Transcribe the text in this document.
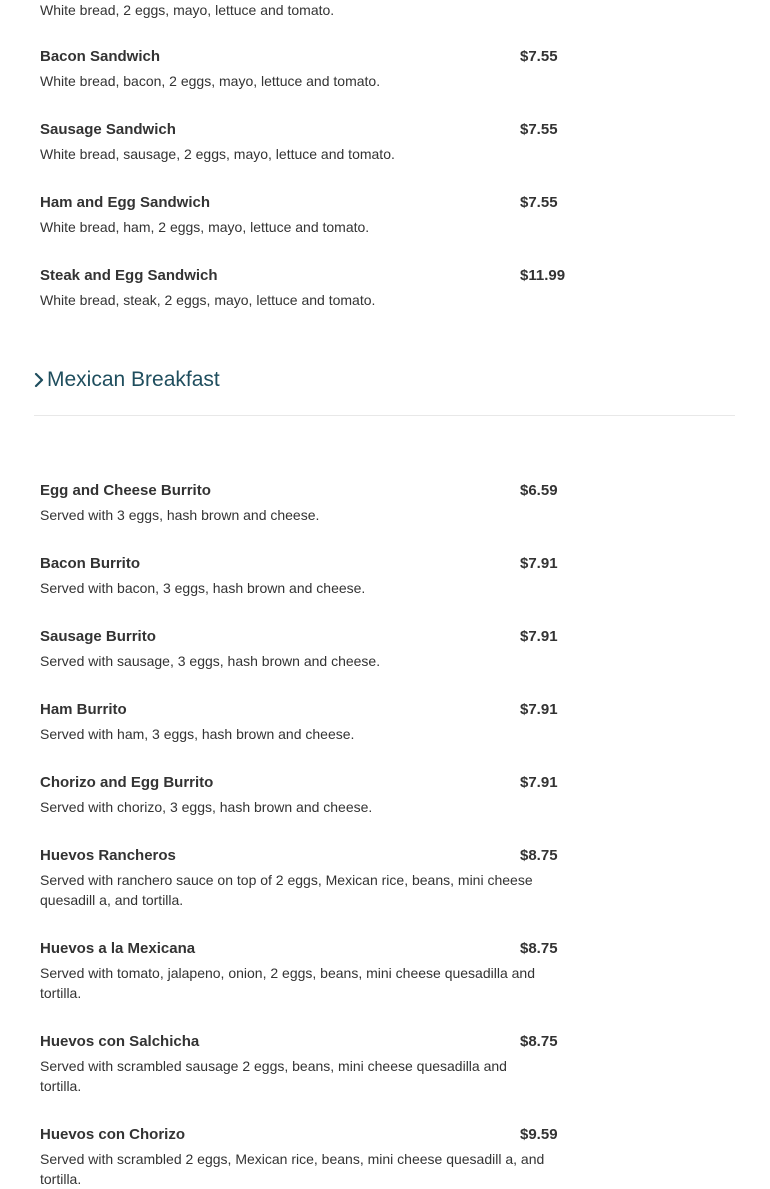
White bread, 2 eggs, mayo, lettuce and tomato.
Bacon Sandwich	$7.55
White bread, bacon, 2 eggs, mayo, lettuce and tomato.
Sausage Sandwich	$7.55
White bread, sausage, 2 eggs, mayo, lettuce and tomato.
Ham and Egg Sandwich	$7.55
White bread, ham, 2 eggs, mayo, lettuce and tomato.
Steak and Egg Sandwich	$11.99
White bread, steak, 2 eggs, mayo, lettuce and tomato.
Mexican Breakfast
Egg and Cheese Burrito	$6.59
Served with 3 eggs, hash brown and cheese.
Bacon Burrito	$7.91
Served with bacon, 3 eggs, hash brown and cheese.
Sausage Burrito	$7.91
Served with sausage, 3 eggs, hash brown and cheese.
Ham Burrito	$7.91
Served with ham, 3 eggs, hash brown and cheese.
Chorizo and Egg Burrito	$7.91
Served with chorizo, 3 eggs, hash brown and cheese.
Huevos Rancheros	$8.75
Served with ranchero sauce on top of 2 eggs, Mexican rice, beans, mini cheese quesadill a, and tortilla.
Huevos a la Mexicana	$8.75
Served with tomato, jalapeno, onion, 2 eggs, beans, mini cheese quesadilla and tortilla.
Huevos con Salchicha	$8.75
Served with scrambled sausage 2 eggs, beans, mini cheese quesadilla and tortilla.
Huevos con Chorizo	$9.59
Served with scrambled 2 eggs, Mexican rice, beans, mini cheese quesadill a, and tortilla.
